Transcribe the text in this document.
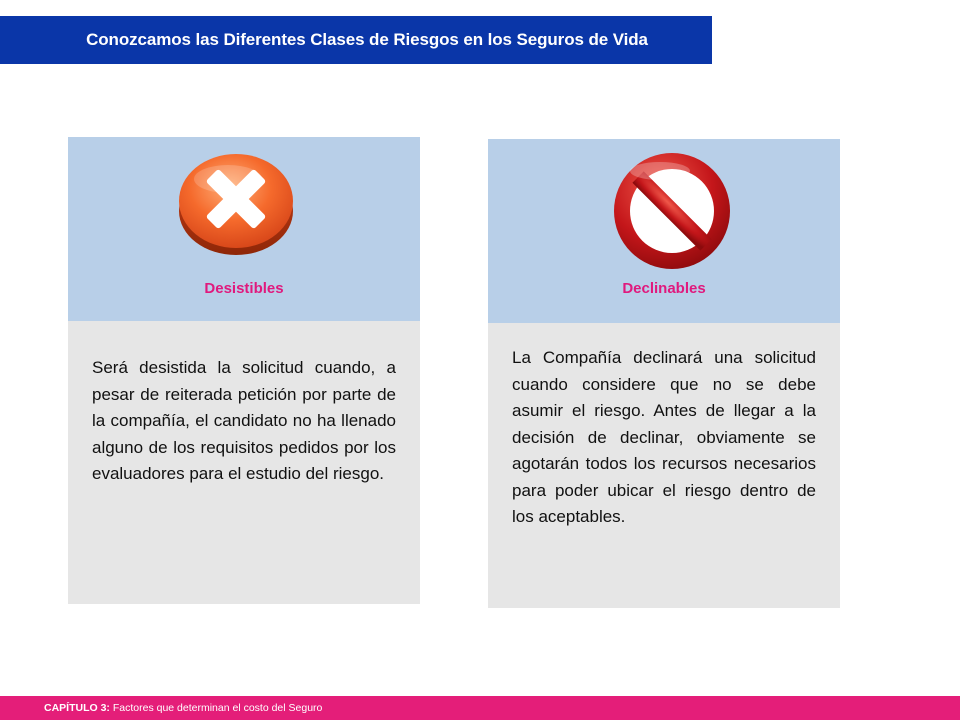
Conozcamos las Diferentes Clases de Riesgos en los Seguros de Vida
Desistibles
Será desistida la solicitud cuando, a pesar de reiterada petición por parte de la compañía, el candidato no ha llenado alguno de los requisitos pedidos por los evaluadores para el estudio del riesgo.
Declinables
La Compañía declinará una solicitud cuando considere que no se debe asumir el riesgo. Antes de llegar a la decisión de declinar, obviamente se agotarán todos los recursos necesarios para poder ubicar el riesgo dentro de los aceptables.
CAPÍTULO 3: Factores que determinan el costo del Seguro
